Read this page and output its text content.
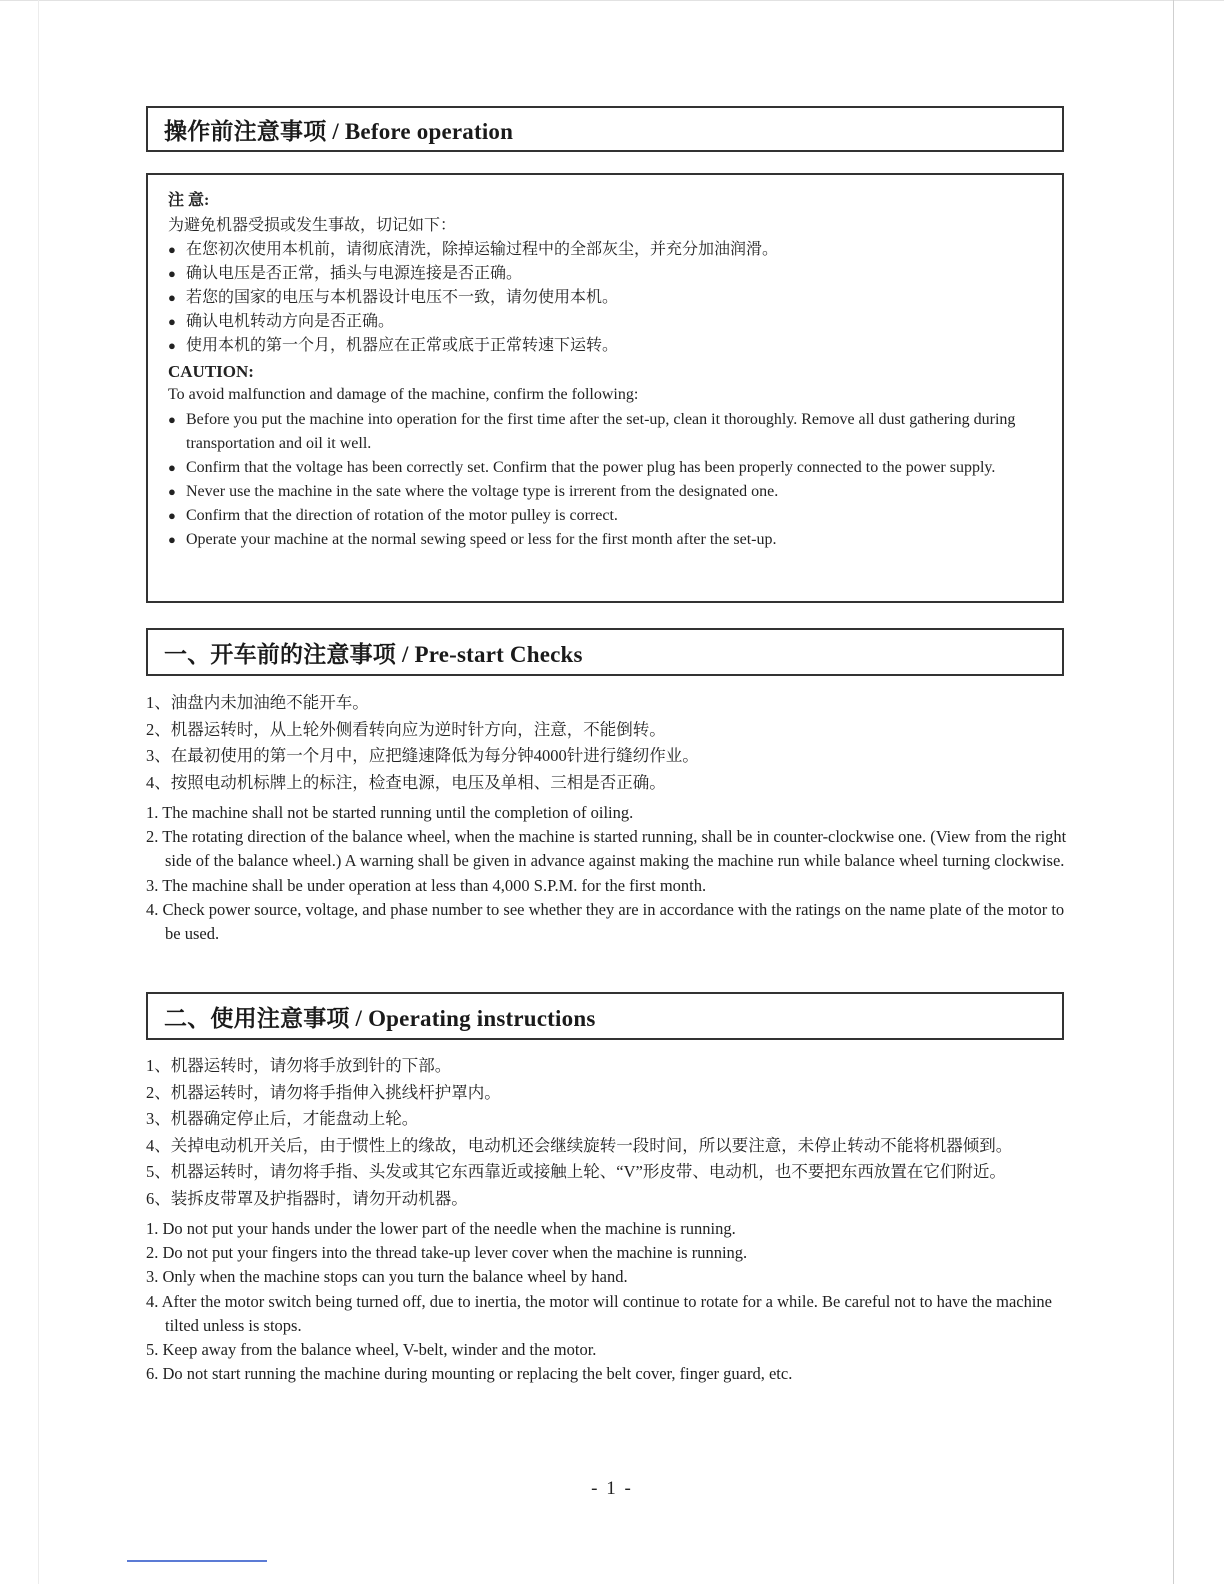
操作前注意事项 / Before operation

注 意:

为避免机器受损或发生事故，切记如下：

● 在您初次使用本机前，请彻底清洗，除掉运输过程中的全部灰尘，并充分加油润滑。

● 确认电压是否正常，插头与电源连接是否正确。

● 若您的国家的电压与本机器设计电压不一致，请勿使用本机。

● 确认电机转动方向是否正确。

● 使用本机的第一个月，机器应在正常或底于正常转速下运转。

CAUTION:

To avoid malfunction and damage of the machine, confirm the following:

● Before you put the machine into operation for the first time after the set-up, clean it thoroughly. Remove all dust gathering during transportation and oil it well.

● Confirm that the voltage has been correctly set. Confirm that the power plug has been properly connected to the power supply.

● Never use the machine in the sate where the voltage type is irrerent from the designated one.

● Confirm that the direction of rotation of the motor pulley is correct.

● Operate your machine at the normal sewing speed or less for the first month after the set-up.

一、开车前的注意事项 / Pre-start Checks

1、油盘内未加油绝不能开车。

2、机器运转时，从上轮外侧看转向应为逆时针方向，注意，不能倒转。

3、在最初使用的第一个月中，应把缝速降低为每分钟4000针进行缝纫作业。

4、按照电动机标牌上的标注，检查电源，电压及单相、三相是否正确。

1. The machine shall not be started running until the completion of oiling.

2. The rotating direction of the balance wheel, when the machine is started running, shall be in counter-clockwise one. (View from the right side of the balance wheel.) A warning shall be given in advance against making the machine run while balance wheel turning clockwise.

3. The machine shall be under operation at less than 4,000 S.P.M. for the first month.

4. Check power source, voltage, and phase number to see whether they are in accordance with the ratings on the name plate of the motor to be used.

二、使用注意事项 / Operating instructions

1、机器运转时，请勿将手放到针的下部。

2、机器运转时，请勿将手指伸入挑线杆护罩内。

3、机器确定停止后，才能盘动上轮。

4、关掉电动机开关后，由于惯性上的缘故，电动机还会继续旋转一段时间，所以要注意，未停止转动不能将机器倾到。

5、机器运转时，请勿将手指、头发或其它东西靠近或接触上轮、“V”形皮带、电动机，也不要把东西放置在它们附近。

6、装拆皮带罩及护指器时，请勿开动机器。

1. Do not put your hands under the lower part of the needle when the machine is running.

2. Do not put your fingers into the thread take-up lever cover when the machine is running.

3. Only when the machine stops can you turn the balance wheel by hand.

4. After the motor switch being turned off, due to inertia, the motor will continue to rotate for a while. Be careful not to have the machine tilted unless is stops.

5. Keep away from the balance wheel, V-belt, winder and the motor.

6. Do not start running the machine during mounting or replacing the belt cover, finger guard, etc.

- 1 -
